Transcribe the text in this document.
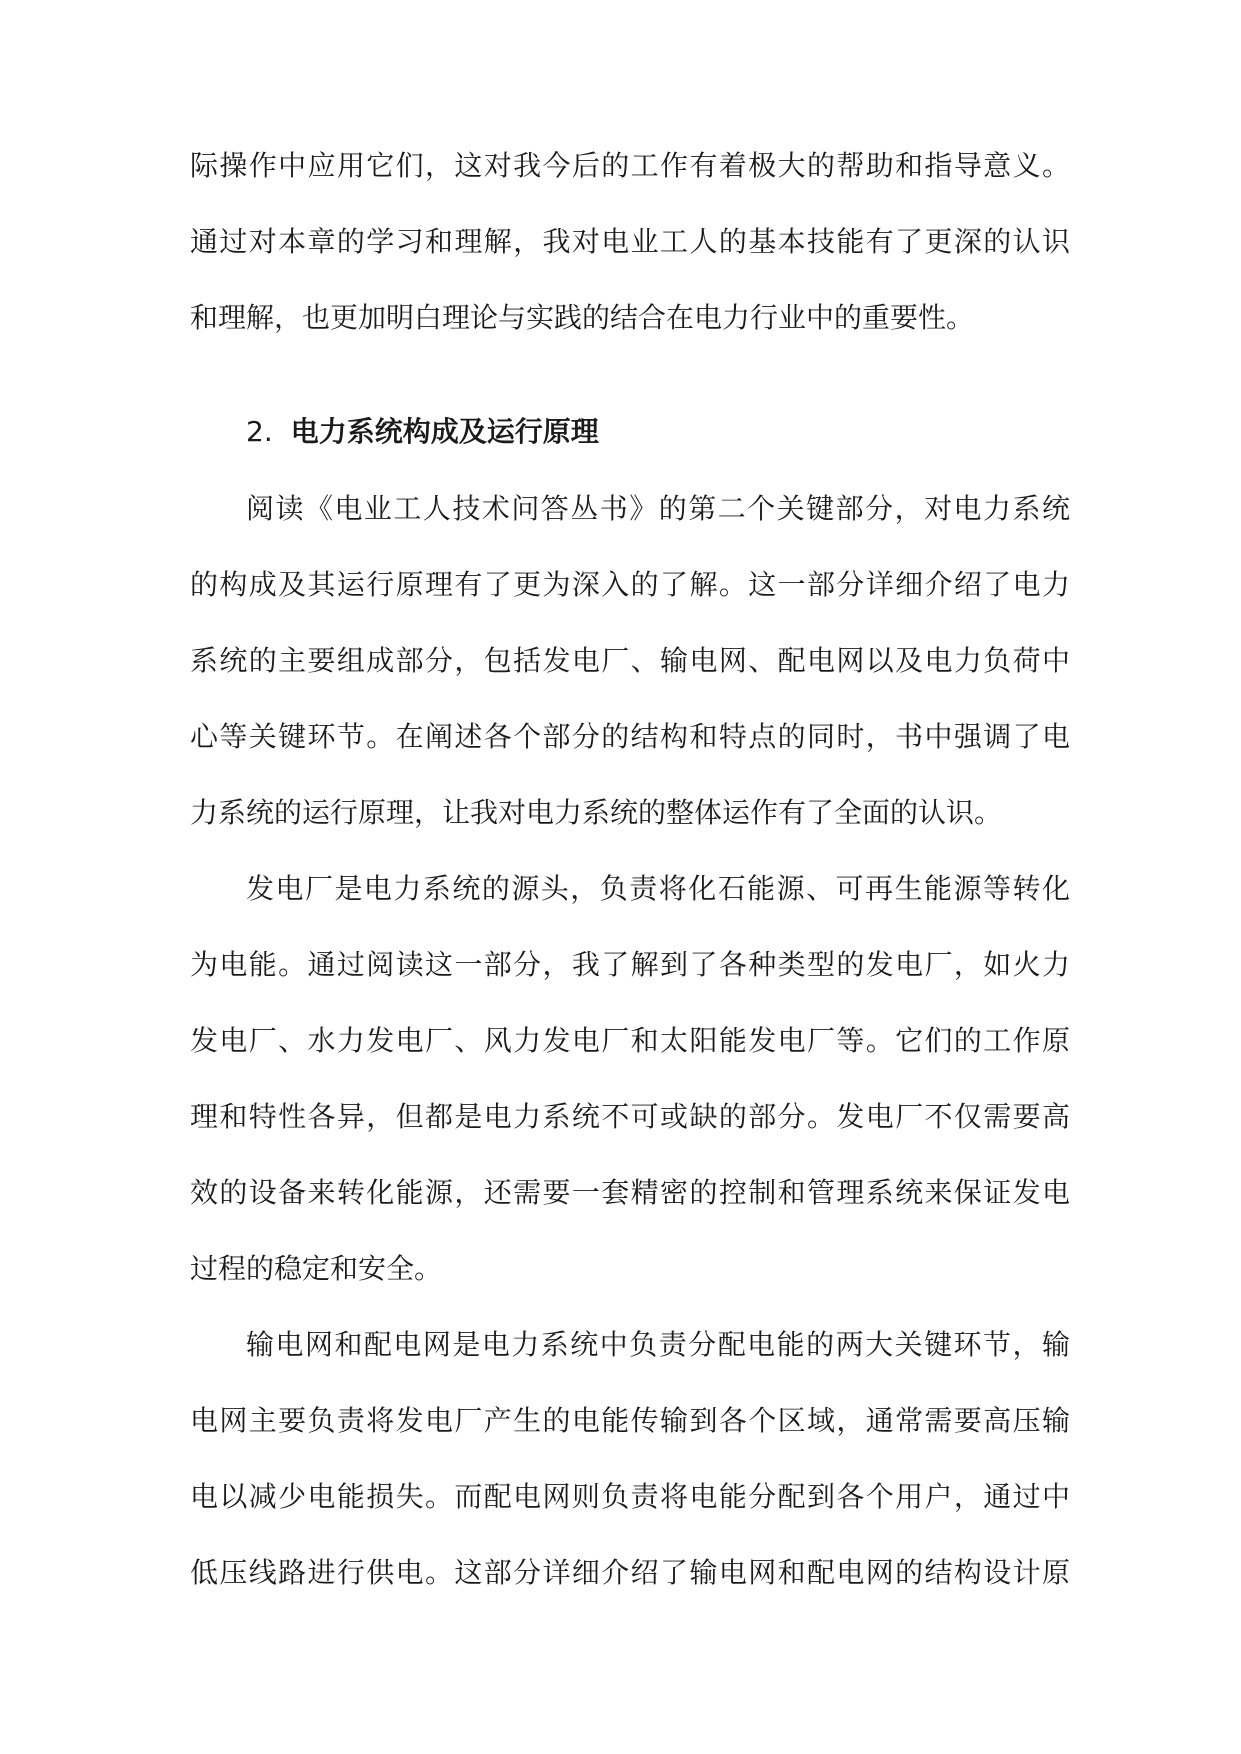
际操作中应用它们，这对我今后的工作有着极大的帮助和指导意义。
通过对本章的学习和理解，我对电业工人的基本技能有了更深的认识
和理解，也更加明白理论与实践的结合在电力行业中的重要性。
2. 电力系统构成及运行原理
阅读《电业工人技术问答丛书》的第二个关键部分，对电力系统
的构成及其运行原理有了更为深入的了解。这一部分详细介绍了电力
系统的主要组成部分，包括发电厂、输电网、配电网以及电力负荷中
心等关键环节。在阐述各个部分的结构和特点的同时，书中强调了电
力系统的运行原理，让我对电力系统的整体运作有了全面的认识。
发电厂是电力系统的源头，负责将化石能源、可再生能源等转化
为电能。通过阅读这一部分，我了解到了各种类型的发电厂，如火力
发电厂、水力发电厂、风力发电厂和太阳能发电厂等。它们的工作原
理和特性各异，但都是电力系统不可或缺的部分。发电厂不仅需要高
效的设备来转化能源，还需要一套精密的控制和管理系统来保证发电
过程的稳定和安全。
输电网和配电网是电力系统中负责分配电能的两大关键环节，输
电网主要负责将发电厂产生的电能传输到各个区域，通常需要高压输
电以减少电能损失。而配电网则负责将电能分配到各个用户，通过中
低压线路进行供电。这部分详细介绍了输电网和配电网的结构设计原
